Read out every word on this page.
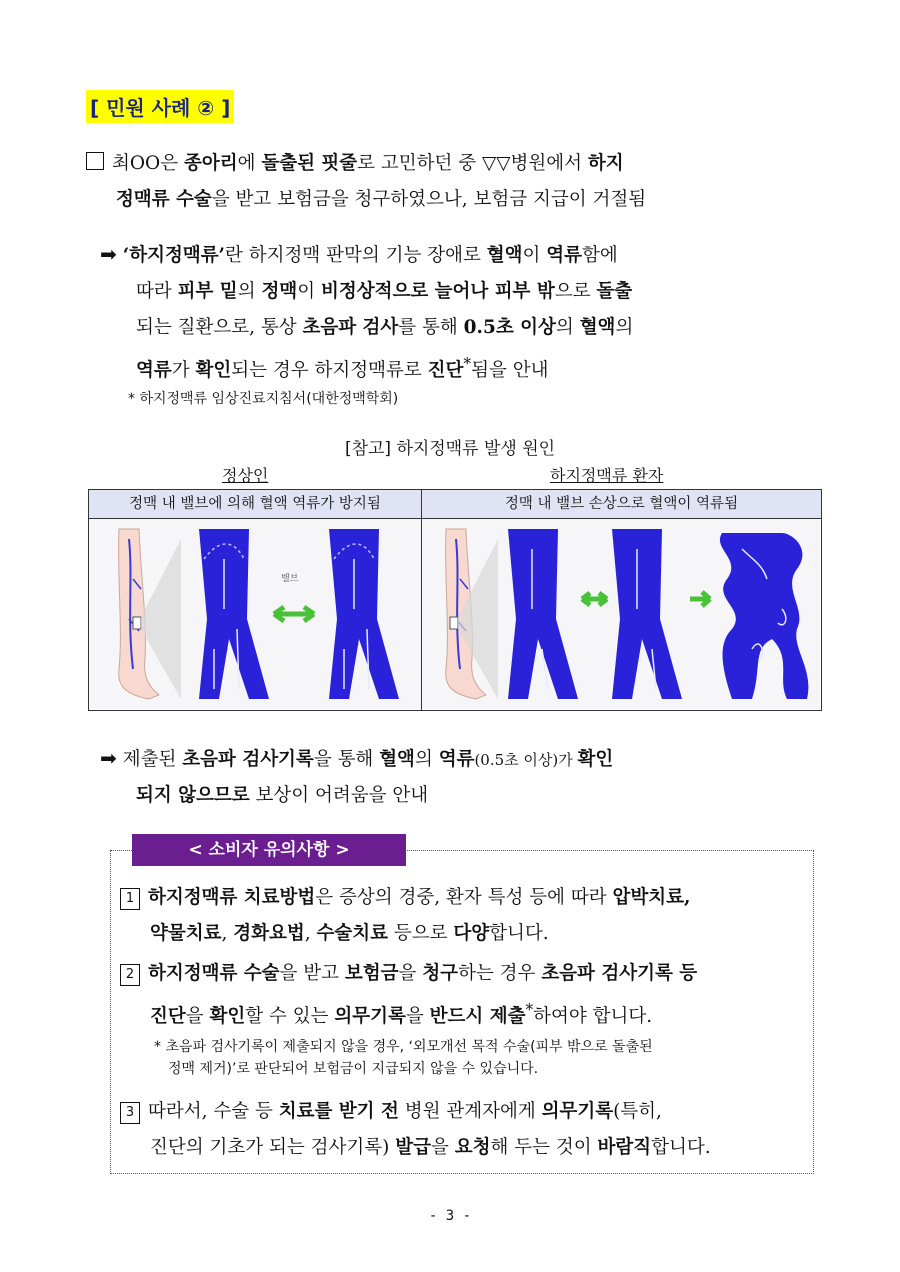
[ 민원 사례 ② ]
최OO은 종아리에 돌출된 핏줄로 고민하던 중 ▽▽병원에서 하지
정맥류 수술을 받고 보험금을 청구하였으나, 보험금 지급이 거절됨
➡ ‘하지정맥류’란 하지정맥 판막의 기능 장애로 혈액이 역류함에
따라 피부 밑의 정맥이 비정상적으로 늘어나 피부 밖으로 돌출
되는 질환으로, 통상 초음파 검사를 통해 0.5초 이상의 혈액의
역류가 확인되는 경우 하지정맥류로 진단*됨을 안내
* 하지정맥류 임상진료지침서(대한정맥학회)
[참고] 하지정맥류 발생 원인
정상인	하지정맥류 환자
정맥 내 밸브에 의해 혈액 역류가 방지됨	정맥 내 밸브 손상으로 혈액이 역류됨
밸브
➡ 제출된 초음파 검사기록을 통해 혈액의 역류(0.5초 이상)가 확인
되지 않으므로 보상이 어려움을 안내
< 소비자 유의사항 >
1 하지정맥류 치료방법은 증상의 경중, 환자 특성 등에 따라 압박치료,
약물치료, 경화요법, 수술치료 등으로 다양합니다.
2 하지정맥류 수술을 받고 보험금을 청구하는 경우 초음파 검사기록 등
진단을 확인할 수 있는 의무기록을 반드시 제출*하여야 합니다.
* 초음파 검사기록이 제출되지 않을 경우, ‘외모개선 목적 수술(피부 밖으로 돌출된
정맥 제거)’로 판단되어 보험금이 지급되지 않을 수 있습니다.
3 따라서, 수술 등 치료를 받기 전 병원 관계자에게 의무기록(특히,
진단의 기초가 되는 검사기록) 발급을 요청해 두는 것이 바람직합니다.
- 3 -
